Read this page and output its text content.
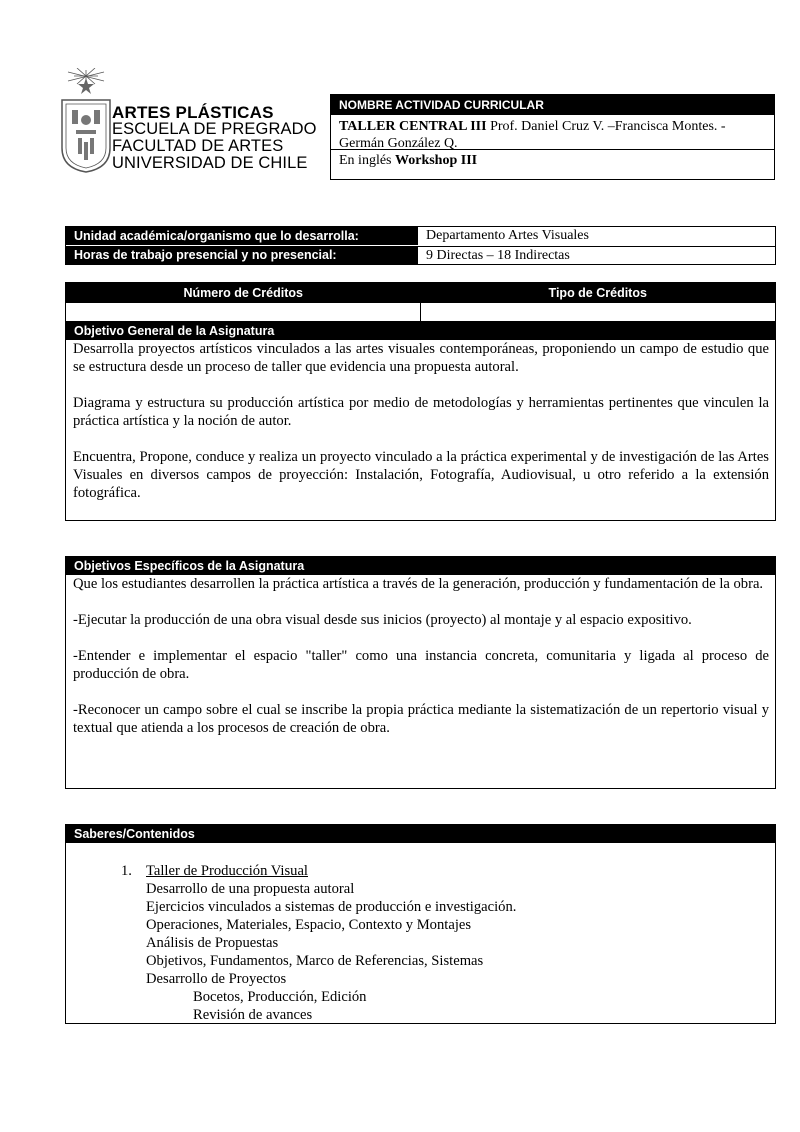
ARTES PLÁSTICAS
ESCUELA DE PREGRADO
FACULTAD DE ARTES
UNIVERSIDAD DE CHILE
NOMBRE ACTIVIDAD CURRICULAR
TALLER CENTRAL III Prof. Daniel Cruz V. –Francisca Montes. - Germán González Q.
En inglés Workshop III
Unidad académica/organismo que lo desarrolla:	Departamento Artes Visuales
Horas de trabajo presencial y no presencial:	9 Directas – 18 Indirectas
Número de Créditos	Tipo de Créditos
Objetivo General de la Asignatura

Desarrolla proyectos artísticos vinculados a las artes visuales contemporáneas, proponiendo un campo de estudio que se estructura desde un proceso de taller que evidencia una propuesta autoral.

Diagrama y estructura su producción artística por medio de metodologías y herramientas pertinentes que vinculen la práctica artística y la noción de autor.

Encuentra, Propone, conduce y realiza un proyecto vinculado a la práctica experimental y de investigación de las Artes Visuales en diversos campos de proyección: Instalación, Fotografía, Audiovisual, u otro referido a la extensión fotográfica.

Objetivos Específicos de la Asignatura

Que los estudiantes desarrollen la práctica artística a través de la generación, producción y fundamentación de la obra.

-Ejecutar la producción de una obra visual desde sus inicios (proyecto) al montaje y al espacio expositivo.

-Entender e implementar el espacio "taller" como una instancia concreta, comunitaria y ligada al proceso de producción de obra.

-Reconocer un campo sobre el cual se inscribe la propia práctica mediante la sistematización de un repertorio visual y textual que atienda a los procesos de creación de obra.

Saberes/Contenidos
1. Taller de Producción Visual
Desarrollo de una propuesta autoral
Ejercicios vinculados a sistemas de producción e investigación.
Operaciones, Materiales, Espacio, Contexto y Montajes
Análisis de Propuestas
Objetivos, Fundamentos, Marco de Referencias, Sistemas
Desarrollo de Proyectos
Bocetos, Producción, Edición
Revisión de avances
